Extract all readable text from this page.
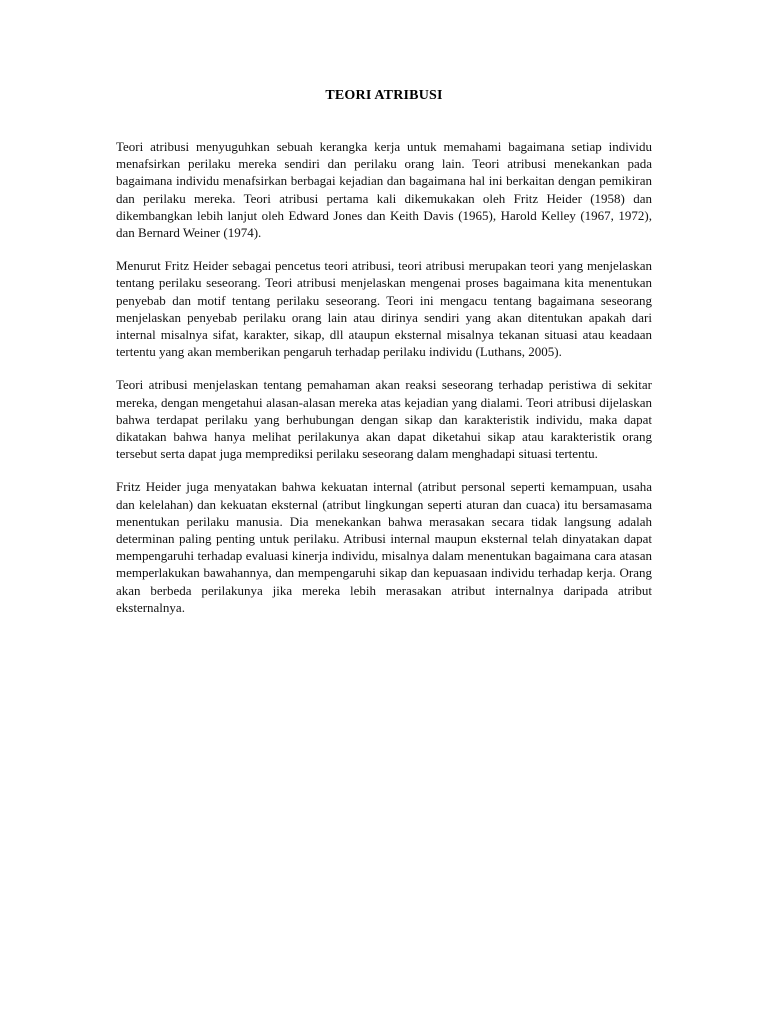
TEORI ATRIBUSI

Teori atribusi menyuguhkan sebuah kerangka kerja untuk memahami bagaimana setiap individu menafsirkan perilaku mereka sendiri dan perilaku orang lain. Teori atribusi menekankan pada bagaimana individu menafsirkan berbagai kejadian dan bagaimana hal ini berkaitan dengan pemikiran dan perilaku mereka. Teori atribusi pertama kali dikemukakan oleh Fritz Heider (1958) dan dikembangkan lebih lanjut oleh Edward Jones dan Keith Davis (1965), Harold Kelley (1967, 1972), dan Bernard Weiner (1974).

Menurut Fritz Heider sebagai pencetus teori atribusi, teori atribusi merupakan teori yang menjelaskan tentang perilaku seseorang. Teori atribusi menjelaskan mengenai proses bagaimana kita menentukan penyebab dan motif tentang perilaku seseorang. Teori ini mengacu tentang bagaimana seseorang menjelaskan penyebab perilaku orang lain atau dirinya sendiri yang akan ditentukan apakah dari internal misalnya sifat, karakter, sikap, dll ataupun eksternal misalnya tekanan situasi atau keadaan tertentu yang akan memberikan pengaruh terhadap perilaku individu (Luthans, 2005).

Teori atribusi menjelaskan tentang pemahaman akan reaksi seseorang terhadap peristiwa di sekitar mereka, dengan mengetahui alasan-alasan mereka atas kejadian yang dialami. Teori atribusi dijelaskan bahwa terdapat perilaku yang berhubungan dengan sikap dan karakteristik individu, maka dapat dikatakan bahwa hanya melihat perilakunya akan dapat diketahui sikap atau karakteristik orang tersebut serta dapat juga memprediksi perilaku seseorang dalam menghadapi situasi tertentu.

Fritz Heider juga menyatakan bahwa kekuatan internal (atribut personal seperti kemampuan, usaha dan kelelahan) dan kekuatan eksternal (atribut lingkungan seperti aturan dan cuaca) itu bersamasama menentukan perilaku manusia. Dia menekankan bahwa merasakan secara tidak langsung adalah determinan paling penting untuk perilaku. Atribusi internal maupun eksternal telah dinyatakan dapat mempengaruhi terhadap evaluasi kinerja individu, misalnya dalam menentukan bagaimana cara atasan memperlakukan bawahannya, dan mempengaruhi sikap dan kepuasaan individu terhadap kerja. Orang akan berbeda perilakunya jika mereka lebih merasakan atribut internalnya daripada atribut eksternalnya.
